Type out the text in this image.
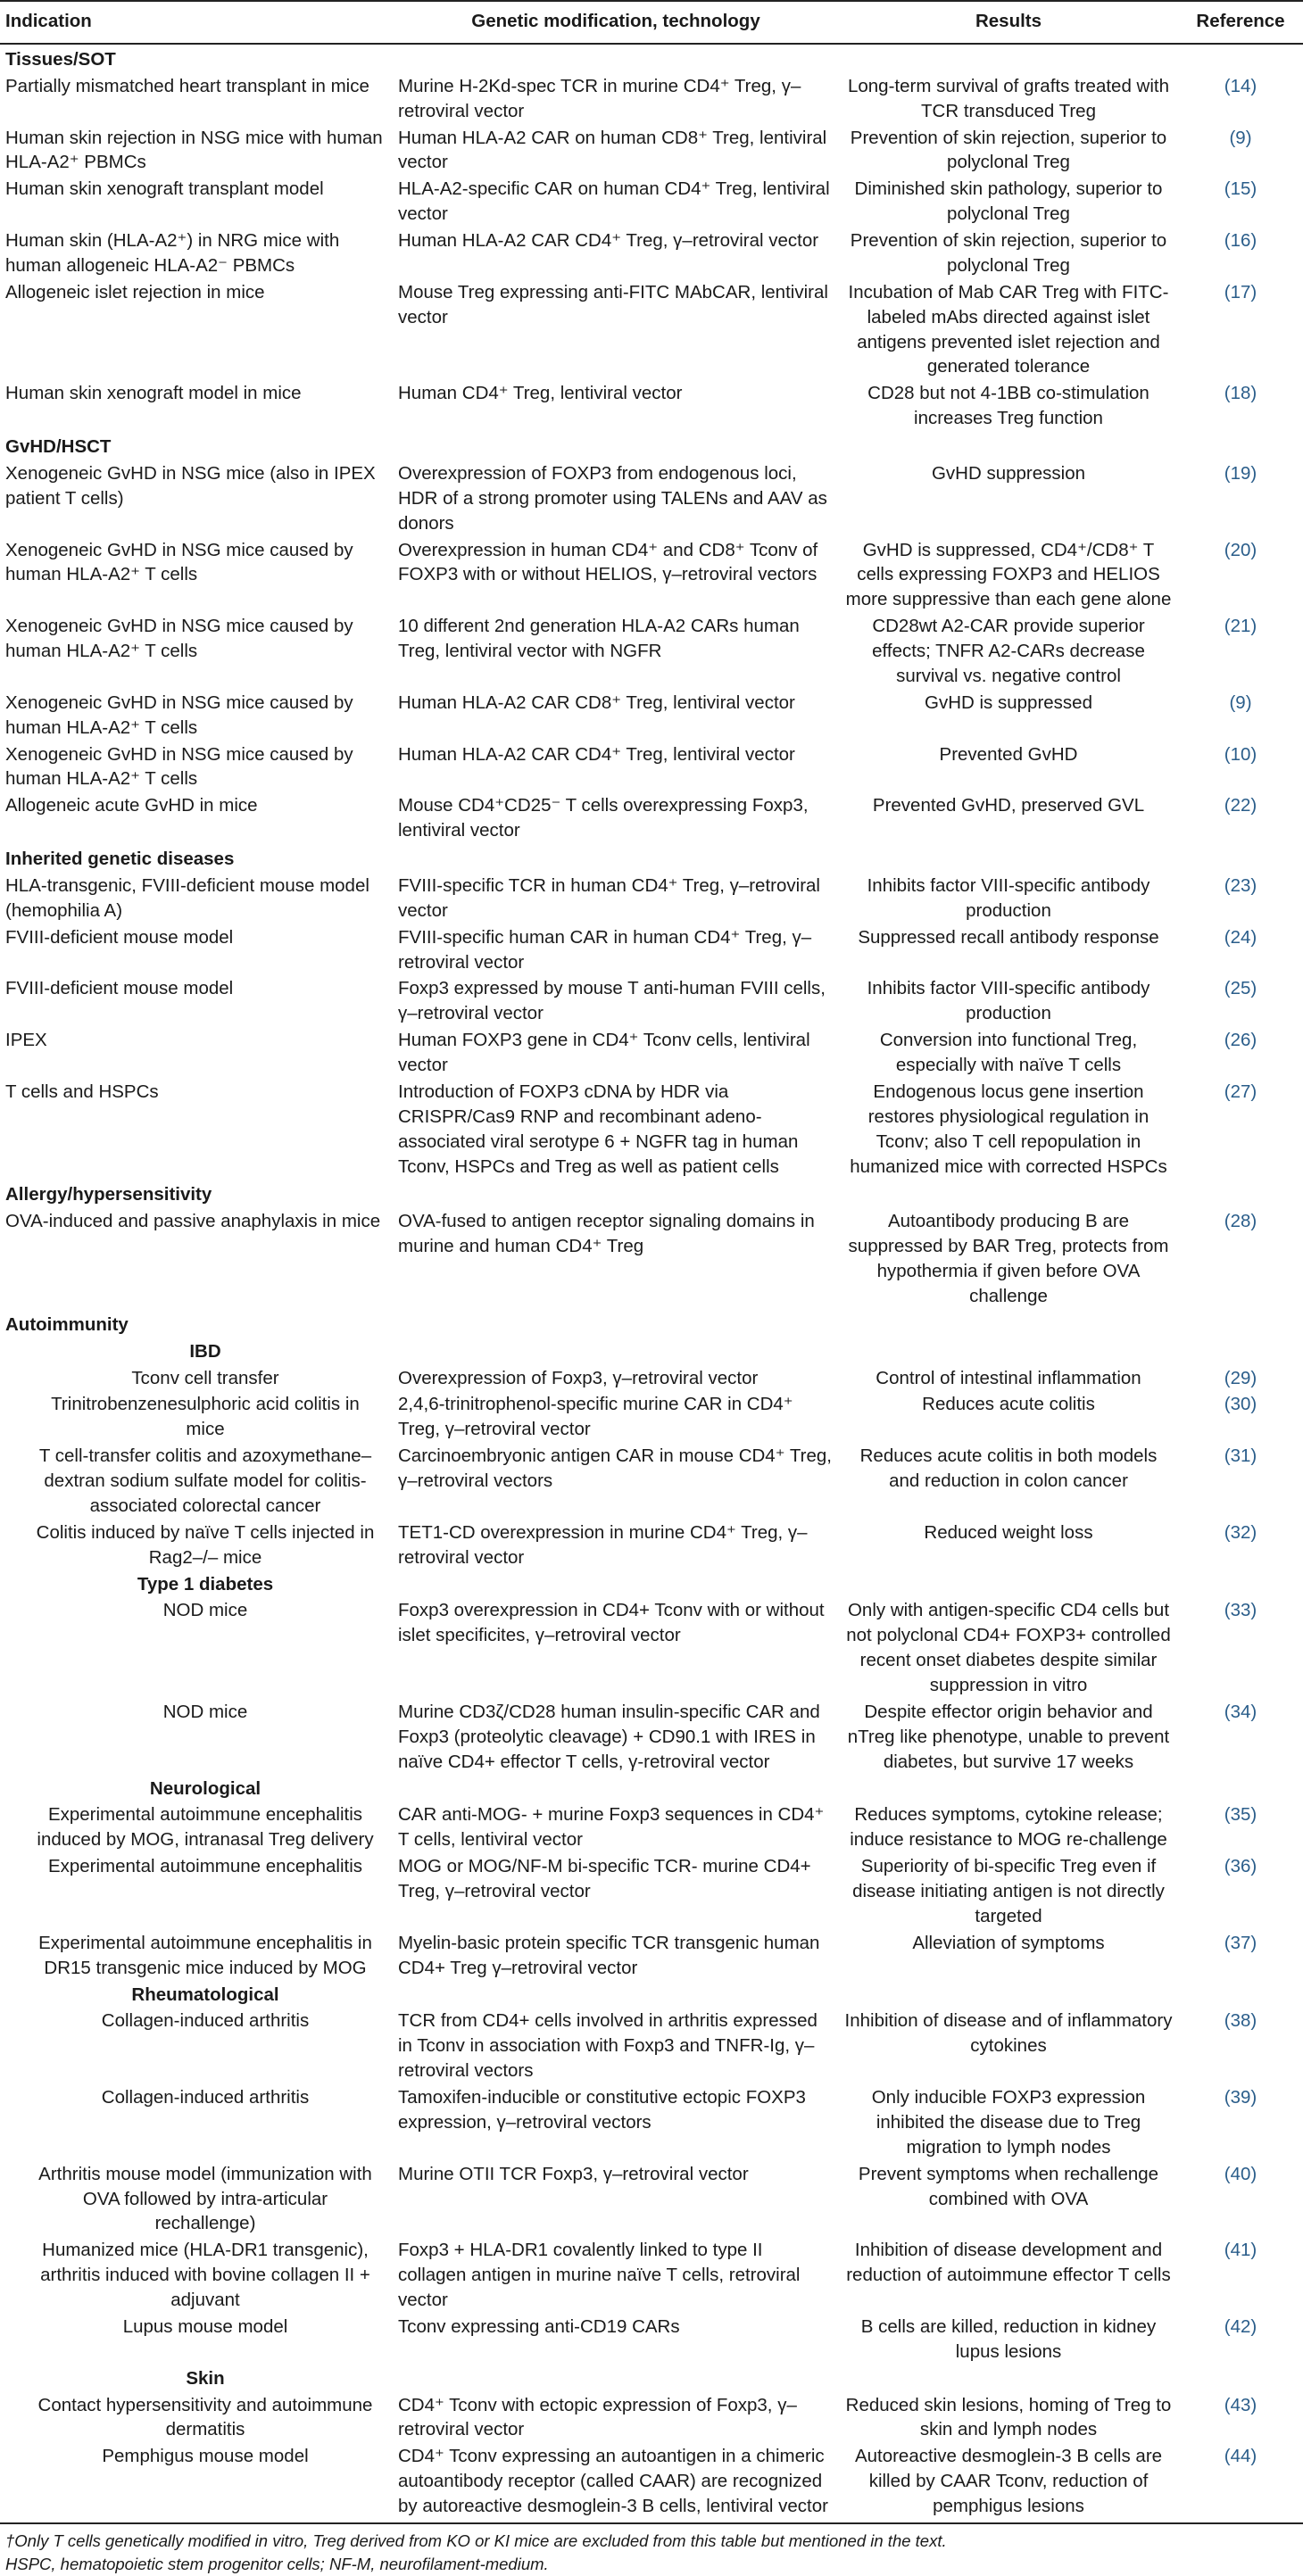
Indication	Genetic modification, technology	Results	Reference
Tissues/SOT			
Partially mismatched heart transplant in mice	Murine H-2Kd-spec TCR in murine CD4⁺ Treg, γ–retroviral vector	Long-term survival of grafts treated with TCR transduced Treg	(14)
Human skin rejection in NSG mice with human HLA-A2⁺ PBMCs	Human HLA-A2 CAR on human CD8⁺ Treg, lentiviral vector	Prevention of skin rejection, superior to polyclonal Treg	(9)
Human skin xenograft transplant model	HLA-A2-specific CAR on human CD4⁺ Treg, lentiviral vector	Diminished skin pathology, superior to polyclonal Treg	(15)
Human skin (HLA-A2⁺) in NRG mice with human allogeneic HLA-A2⁻ PBMCs	Human HLA-A2 CAR CD4⁺ Treg, γ–retroviral vector	Prevention of skin rejection, superior to polyclonal Treg	(16)
Allogeneic islet rejection in mice	Mouse Treg expressing anti-FITC MAbCAR, lentiviral vector	Incubation of Mab CAR Treg with FITC-labeled mAbs directed against islet antigens prevented islet rejection and generated tolerance	(17)
Human skin xenograft model in mice	Human CD4⁺ Treg, lentiviral vector	CD28 but not 4-1BB co-stimulation increases Treg function	(18)
GvHD/HSCT			
Xenogeneic GvHD in NSG mice (also in IPEX patient T cells)	Overexpression of FOXP3 from endogenous loci, HDR of a strong promoter using TALENs and AAV as donors	GvHD suppression	(19)
Xenogeneic GvHD in NSG mice caused by human HLA-A2⁺ T cells	Overexpression in human CD4⁺ and CD8⁺ Tconv of FOXP3 with or without HELIOS, γ–retroviral vectors	GvHD is suppressed, CD4⁺/CD8⁺ T cells expressing FOXP3 and HELIOS more suppressive than each gene alone	(20)
Xenogeneic GvHD in NSG mice caused by human HLA-A2⁺ T cells	10 different 2nd generation HLA-A2 CARs human Treg, lentiviral vector with NGFR	CD28wt A2-CAR provide superior effects; TNFR A2-CARs decrease survival vs. negative control	(21)
Xenogeneic GvHD in NSG mice caused by human HLA-A2⁺ T cells	Human HLA-A2 CAR CD8⁺ Treg, lentiviral vector	GvHD is suppressed	(9)
Xenogeneic GvHD in NSG mice caused by human HLA-A2⁺ T cells	Human HLA-A2 CAR CD4⁺ Treg, lentiviral vector	Prevented GvHD	(10)
Allogeneic acute GvHD in mice	Mouse CD4⁺CD25⁻ T cells overexpressing Foxp3, lentiviral vector	Prevented GvHD, preserved GVL	(22)
Inherited genetic diseases			
HLA-transgenic, FVIII-deficient mouse model (hemophilia A)	FVIII-specific TCR in human CD4⁺ Treg, γ–retroviral vector	Inhibits factor VIII-specific antibody production	(23)
FVIII-deficient mouse model	FVIII-specific human CAR in human CD4⁺ Treg, γ–retroviral vector	Suppressed recall antibody response	(24)
FVIII-deficient mouse model	Foxp3 expressed by mouse T anti-human FVIII cells, γ–retroviral vector	Inhibits factor VIII-specific antibody production	(25)
IPEX	Human FOXP3 gene in CD4⁺ Tconv cells, lentiviral vector	Conversion into functional Treg, especially with naïve T cells	(26)
T cells and HSPCs	Introduction of FOXP3 cDNA by HDR via CRISPR/Cas9 RNP and recombinant adeno-associated viral serotype 6 + NGFR tag in human Tconv, HSPCs and Treg as well as patient cells	Endogenous locus gene insertion restores physiological regulation in Tconv; also T cell repopulation in humanized mice with corrected HSPCs	(27)
Allergy/hypersensitivity			
OVA-induced and passive anaphylaxis in mice	OVA-fused to antigen receptor signaling domains in murine and human CD4⁺ Treg	Autoantibody producing B are suppressed by BAR Treg, protects from hypothermia if given before OVA challenge	(28)
Autoimmunity			
IBD			
Tconv cell transfer	Overexpression of Foxp3, γ–retroviral vector	Control of intestinal inflammation	(29)
Trinitrobenzenesulphoric acid colitis in mice	2,4,6-trinitrophenol-specific murine CAR in CD4⁺ Treg, γ–retroviral vector	Reduces acute colitis	(30)
T cell-transfer colitis and azoxymethane–dextran sodium sulfate model for colitis-associated colorectal cancer	Carcinoembryonic antigen CAR in mouse CD4⁺ Treg, γ–retroviral vectors	Reduces acute colitis in both models and reduction in colon cancer	(31)
Colitis induced by naïve T cells injected in Rag2–/– mice	TET1-CD overexpression in murine CD4⁺ Treg, γ–retroviral vector	Reduced weight loss	(32)
Type 1 diabetes			
NOD mice	Foxp3 overexpression in CD4+ Tconv with or without islet specificites, γ–retroviral vector	Only with antigen-specific CD4 cells but not polyclonal CD4+ FOXP3+ controlled recent onset diabetes despite similar suppression in vitro	(33)
NOD mice	Murine CD3ζ/CD28 human insulin-specific CAR and Foxp3 (proteolytic cleavage) + CD90.1 with IRES in naïve CD4+ effector T cells, γ-retroviral vector	Despite effector origin behavior and nTreg like phenotype, unable to prevent diabetes, but survive 17 weeks	(34)
Neurological			
Experimental autoimmune encephalitis induced by MOG, intranasal Treg delivery	CAR anti-MOG- + murine Foxp3 sequences in CD4⁺ T cells, lentiviral vector	Reduces symptoms, cytokine release; induce resistance to MOG re-challenge	(35)
Experimental autoimmune encephalitis	MOG or MOG/NF-M bi-specific TCR- murine CD4+ Treg, γ–retroviral vector	Superiority of bi-specific Treg even if disease initiating antigen is not directly targeted	(36)
Experimental autoimmune encephalitis in DR15 transgenic mice induced by MOG	Myelin-basic protein specific TCR transgenic human CD4+ Treg γ–retroviral vector	Alleviation of symptoms	(37)
Rheumatological			
Collagen-induced arthritis	TCR from CD4+ cells involved in arthritis expressed in Tconv in association with Foxp3 and TNFR-Ig, γ–retroviral vectors	Inhibition of disease and of inflammatory cytokines	(38)
Collagen-induced arthritis	Tamoxifen-inducible or constitutive ectopic FOXP3 expression, γ–retroviral vectors	Only inducible FOXP3 expression inhibited the disease due to Treg migration to lymph nodes	(39)
Arthritis mouse model (immunization with OVA followed by intra-articular rechallenge)	Murine OTII TCR Foxp3, γ–retroviral vector	Prevent symptoms when rechallenge combined with OVA	(40)
Humanized mice (HLA-DR1 transgenic), arthritis induced with bovine collagen II + adjuvant	Foxp3 + HLA-DR1 covalently linked to type II collagen antigen in murine naïve T cells, retroviral vector	Inhibition of disease development and reduction of autoimmune effector T cells	(41)
Lupus mouse model	Tconv expressing anti-CD19 CARs	B cells are killed, reduction in kidney lupus lesions	(42)
Skin			
Contact hypersensitivity and autoimmune dermatitis	CD4⁺ Tconv with ectopic expression of Foxp3, γ–retroviral vector	Reduced skin lesions, homing of Treg to skin and lymph nodes	(43)
Pemphigus mouse model	CD4⁺ Tconv expressing an autoantigen in a chimeric autoantibody receptor (called CAAR) are recognized by autoreactive desmoglein-3 B cells, lentiviral vector	Autoreactive desmoglein-3 B cells are killed by CAAR Tconv, reduction of pemphigus lesions	(44)
†Only T cells genetically modified in vitro, Treg derived from KO or KI mice are excluded from this table but mentioned in the text.
HSPC, hematopoietic stem progenitor cells; NF-M, neurofilament-medium.
